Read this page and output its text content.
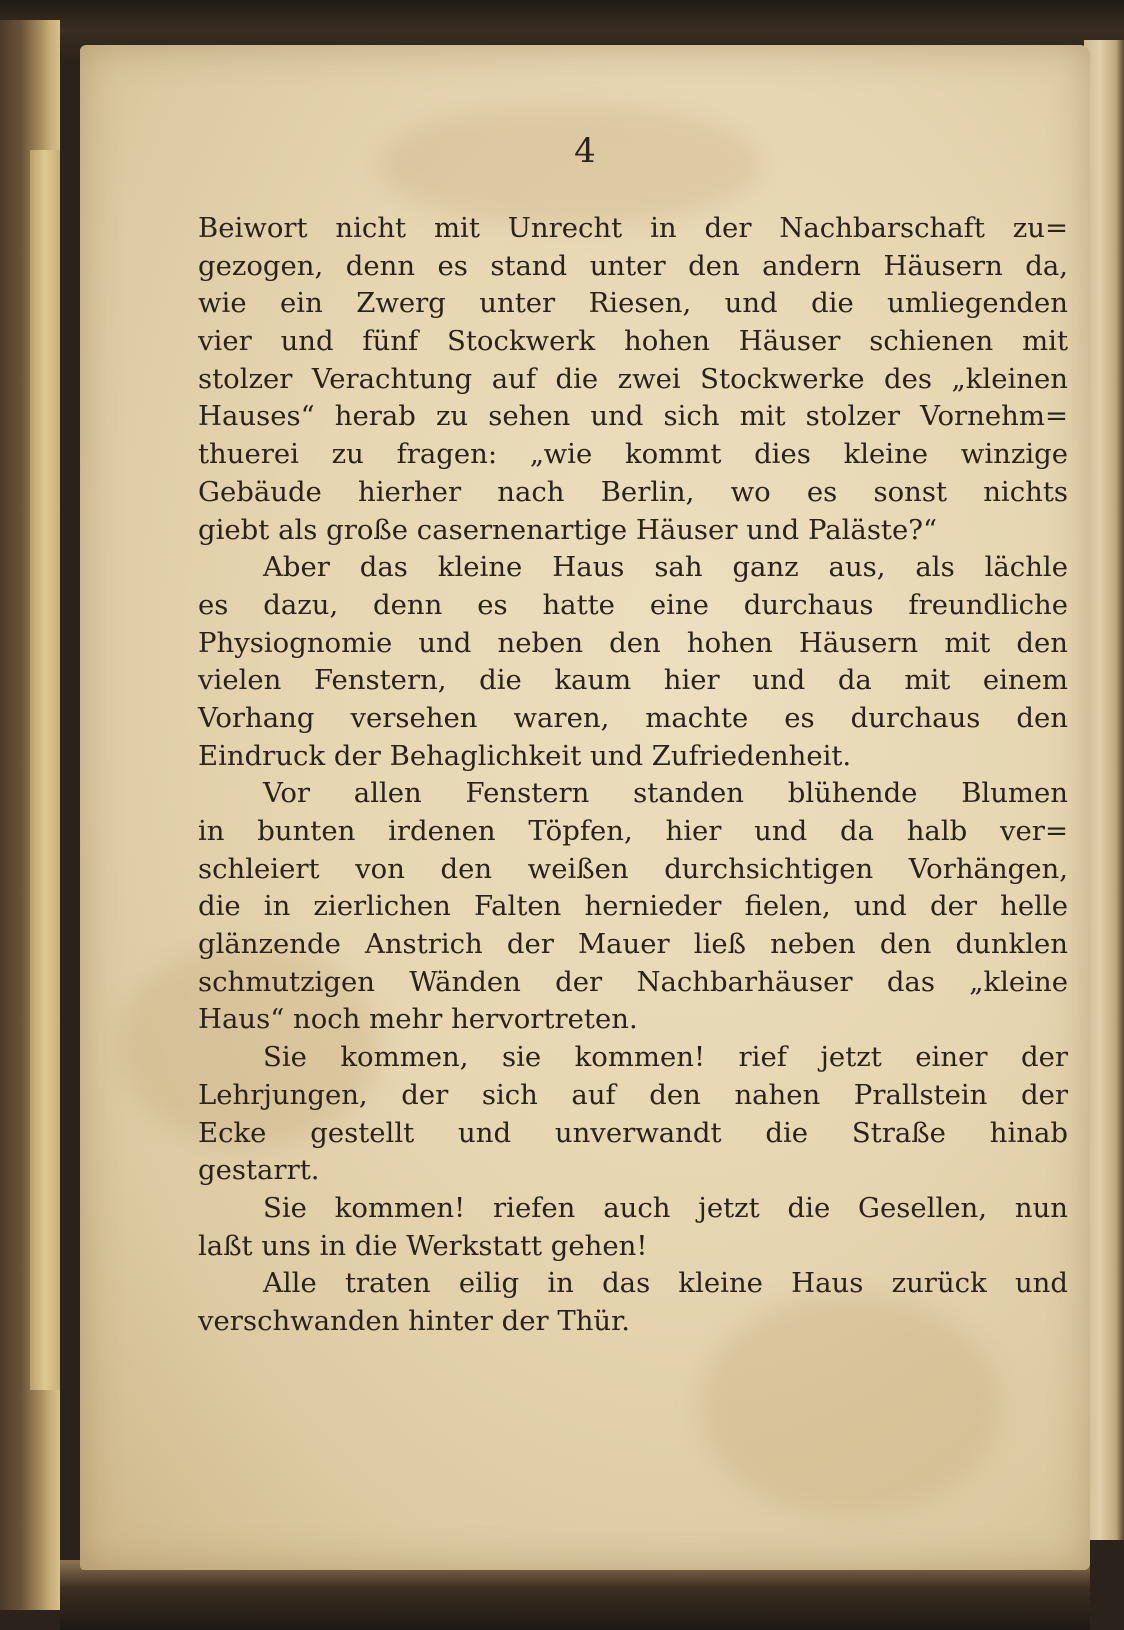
4
Beiwort nicht mit Unrecht in der Nachbarschaft zu=
gezogen, denn es stand unter den andern Häusern da,
wie ein Zwerg unter Riesen, und die umliegenden
vier und fünf Stockwerk hohen Häuser schienen mit
stolzer Verachtung auf die zwei Stockwerke des „kleinen
Hauses“ herab zu sehen und sich mit stolzer Vornehm=
thuerei zu fragen: „wie kommt dies kleine winzige
Gebäude hierher nach Berlin, wo es sonst nichts
giebt als große casernenartige Häuser und Paläste?“
Aber das kleine Haus sah ganz aus, als lächle
es dazu, denn es hatte eine durchaus freundliche
Physiognomie und neben den hohen Häusern mit den
vielen Fenstern, die kaum hier und da mit einem
Vorhang versehen waren, machte es durchaus den
Eindruck der Behaglichkeit und Zufriedenheit.
Vor allen Fenstern standen blühende Blumen
in bunten irdenen Töpfen, hier und da halb ver=
schleiert von den weißen durchsichtigen Vorhängen,
die in zierlichen Falten hernieder fielen, und der helle
glänzende Anstrich der Mauer ließ neben den dunklen
schmutzigen Wänden der Nachbarhäuser das „kleine
Haus“ noch mehr hervortreten.
Sie kommen, sie kommen! rief jetzt einer der
Lehrjungen, der sich auf den nahen Prallstein der
Ecke gestellt und unverwandt die Straße hinab
gestarrt.
Sie kommen! riefen auch jetzt die Gesellen, nun
laßt uns in die Werkstatt gehen!
Alle traten eilig in das kleine Haus zurück und
verschwanden hinter der Thür.
